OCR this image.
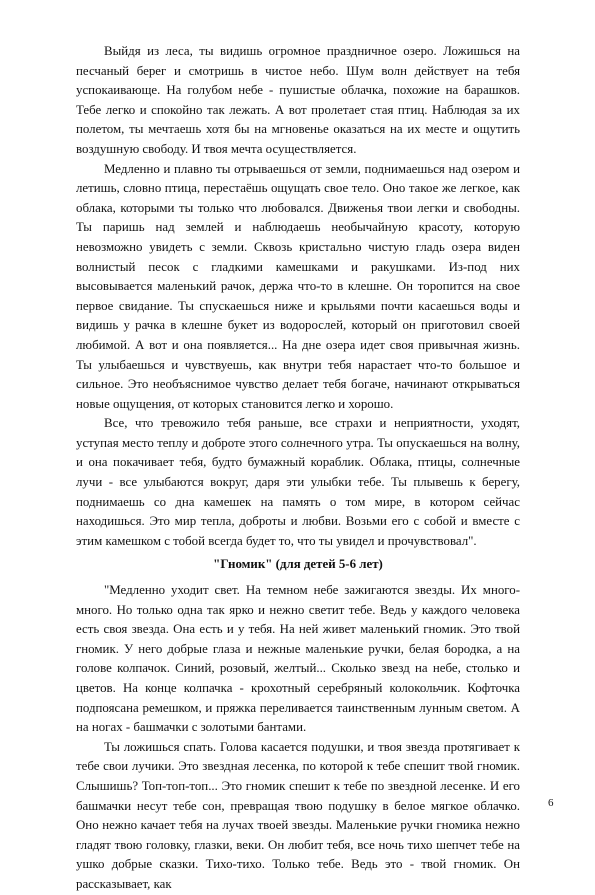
Выйдя из леса, ты видишь огромное праздничное озеро. Ложишься на песчаный берег и смотришь в чистое небо. Шум волн действует на тебя успокаивающе. На голубом небе - пушистые облачка, похожие на барашков. Тебе легко и спокойно так лежать. А вот пролетает стая птиц. Наблюдая за их полетом, ты мечтаешь хотя бы на мгновенье оказаться на их месте и ощутить воздушную свободу. И твоя мечта осуществляется.

Медленно и плавно ты отрываешься от земли, поднимаешься над озером и летишь, словно птица, перестаёшь ощущать свое тело. Оно такое же легкое, как облака, которыми ты только что любовался. Движенья твои легки и свободны. Ты паришь над землей и наблюдаешь необычайную красоту, которую невозможно увидеть с земли. Сквозь кристально чистую гладь озера виден волнистый песок с гладкими камешками и ракушками. Из-под них высовывается маленький рачок, держа что-то в клешне. Он торопится на свое первое свидание. Ты спускаешься ниже и крыльями почти касаешься воды и видишь у рачка в клешне букет из водорослей, который он приготовил своей любимой. А вот и она появляется... На дне озера идет своя привычная жизнь. Ты улыбаешься и чувствуешь, как внутри тебя нарастает что-то большое и сильное. Это необъяснимое чувство делает тебя богаче, начинают открываться новые ощущения, от которых становится легко и хорошо.

Все, что тревожило тебя раньше, все страхи и неприятности, уходят, уступая место теплу и доброте этого солнечного утра. Ты опускаешься на волну, и она покачивает тебя, будто бумажный кораблик. Облака, птицы, солнечные лучи - все улыбаются вокруг, даря эти улыбки тебе. Ты плывешь к берегу, поднимаешь со дна камешек на память о том мире, в котором сейчас находишься. Это мир тепла, доброты и любви. Возьми его с собой и вместе с этим камешком с тобой всегда будет то, что ты увидел и прочувствовал".

"Гномик" (для детей 5-6 лет)

"Медленно уходит свет. На темном небе зажигаются звезды. Их много-много. Но только одна так ярко и нежно светит тебе. Ведь у каждого человека есть своя звезда. Она есть и у тебя. На ней живет маленький гномик. Это твой гномик. У него добрые глаза и нежные маленькие ручки, белая бородка, а на голове колпачок. Синий, розовый, желтый... Сколько звезд на небе, столько и цветов. На конце колпачка - крохотный серебряный колокольчик. Кофточка подпоясана ремешком, и пряжка переливается таинственным лунным светом. А на ногах - башмачки с золотыми бантами.

Ты ложишься спать. Голова касается подушки, и твоя звезда протягивает к тебе свои лучики. Это звездная лесенка, по которой к тебе спешит твой гномик. Слышишь? Топ-топ-топ... Это гномик спешит к тебе по звездной лесенке. И его башмачки несут тебе сон, превращая твою подушку в белое мягкое облачко. Оно нежно качает тебя на лучах твоей звезды. Маленькие ручки гномика нежно гладят твою головку, глазки, веки. Он любит тебя, все ночь тихо шепчет тебе на ушко добрые сказки. Тихо-тихо. Только тебе. Ведь это - твой гномик. Он рассказывает, как

6
